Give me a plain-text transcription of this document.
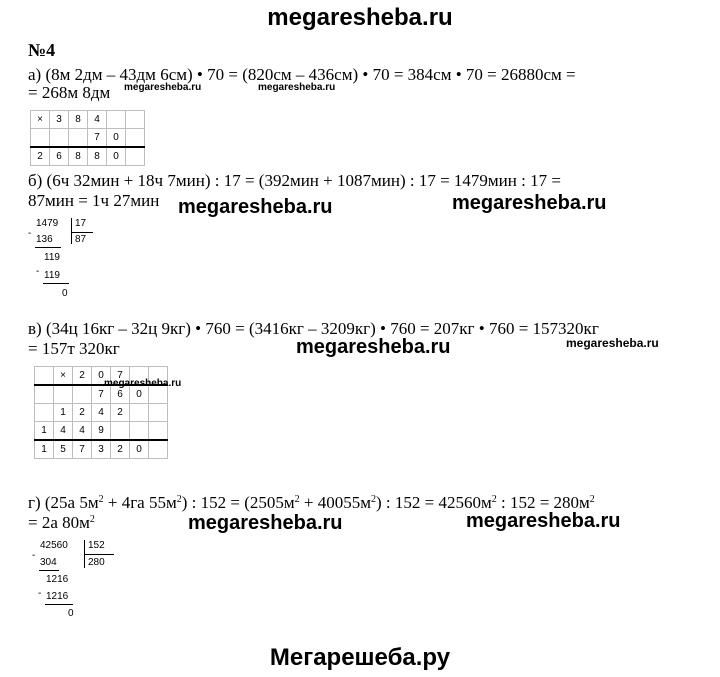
megaresheba.ru
№4
а) (8м 2дм – 43дм 6см) • 70 = (820см – 436см) • 70 = 384см • 70 = 26880см =
= 268м 8дм megaresheba.ru	megaresheba.ru
×	3	8	4		
			7	0	
2	6	8	8	0	
б) (6ч 32мин + 18ч 7мин) : 17 = (392мин + 1087мин) : 17 = 1479мин : 17 =
87мин = 1ч 27мин megaresheba.ru	megaresheba.ru
1479 17
87
-
136
119
- 119
0
в) (34ц 16кг – 32ц 9кг) • 760 = (3416кг – 3209кг) • 760 = 207кг • 760 = 157320кг
= 157т 320кг	megaresheba.ru	megaresheba.ru
	×	2	0	7		
			7	6	0	
	1	2	4	2		
1	4	4	9			
1	5	7	3	2	0	
megaresheba.ru
г) (25а $5м^2 + 4га$ $55м^2$) : $152 = (2505м^2 + 40055м^2)$ : $152 = 42560м^2$ : $152 = 280м^2$
= 2а $80м^2$	megaresheba.ru	megaresheba.ru
42560 152
280
-
304
1216
- 1216
0
Мегарешеба.ру
